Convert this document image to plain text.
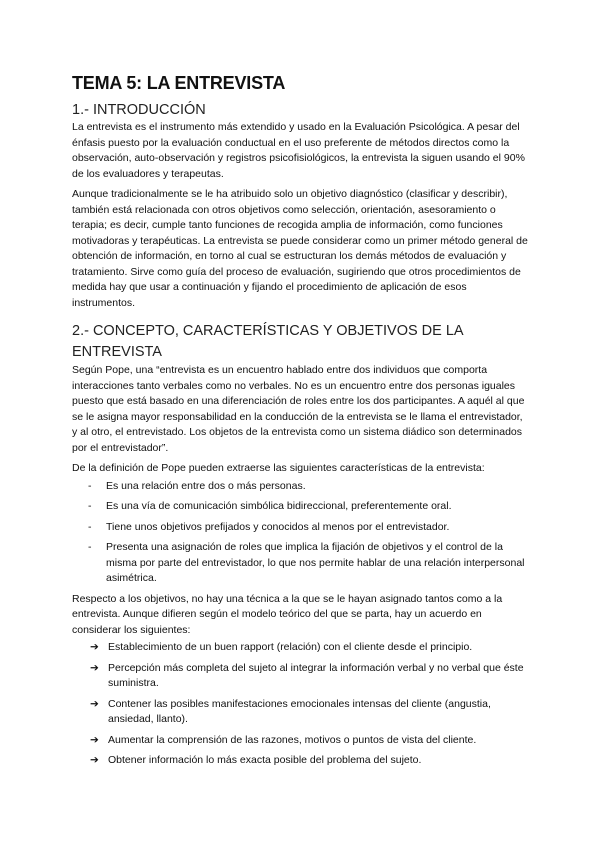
TEMA 5: LA ENTREVISTA
1.- INTRODUCCIÓN

La entrevista es el instrumento más extendido y usado en la Evaluación Psicológica. A pesar del énfasis puesto por la evaluación conductual en el uso preferente de métodos directos como la observación, auto-observación y registros psicofisiológicos, la entrevista la siguen usando el 90% de los evaluadores y terapeutas.

Aunque tradicionalmente se le ha atribuido solo un objetivo diagnóstico (clasificar y describir), también está relacionada con otros objetivos como selección, orientación, asesoramiento o terapia; es decir, cumple tanto funciones de recogida amplia de información, como funciones motivadoras y terapéuticas. La entrevista se puede considerar como un primer método general de obtención de información, en torno al cual se estructuran los demás métodos de evaluación y tratamiento. Sirve como guía del proceso de evaluación, sugiriendo que otros procedimientos de medida hay que usar a continuación y fijando el procedimiento de aplicación de esos instrumentos.

2.- CONCEPTO, CARACTERÍSTICAS Y OBJETIVOS DE LA ENTREVISTA

Según Pope, una “entrevista es un encuentro hablado entre dos individuos que comporta interacciones tanto verbales como no verbales. No es un encuentro entre dos personas iguales puesto que está basado en una diferenciación de roles entre los dos participantes. A aquél al que se le asigna mayor responsabilidad en la conducción de la entrevista se le llama el entrevistador, y al otro, el entrevistado. Los objetos de la entrevista como un sistema diádico son determinados por el entrevistador”.

De la definición de Pope pueden extraerse las siguientes características de la entrevista:

- Es una relación entre dos o más personas.
- Es una vía de comunicación simbólica bidireccional, preferentemente oral.
- Tiene unos objetivos prefijados y conocidos al menos por el entrevistador.
- Presenta una asignación de roles que implica la fijación de objetivos y el control de la misma por parte del entrevistador, lo que nos permite hablar de una relación interpersonal asimétrica.

Respecto a los objetivos, no hay una técnica a la que se le hayan asignado tantos como a la entrevista. Aunque difieren según el modelo teórico del que se parta, hay un acuerdo en considerar los siguientes:

➔ Establecimiento de un buen rapport (relación) con el cliente desde el principio.
➔ Percepción más completa del sujeto al integrar la información verbal y no verbal que éste suministra.
➔ Contener las posibles manifestaciones emocionales intensas del cliente (angustia, ansiedad, llanto).
➔ Aumentar la comprensión de las razones, motivos o puntos de vista del cliente.
➔ Obtener información lo más exacta posible del problema del sujeto.
